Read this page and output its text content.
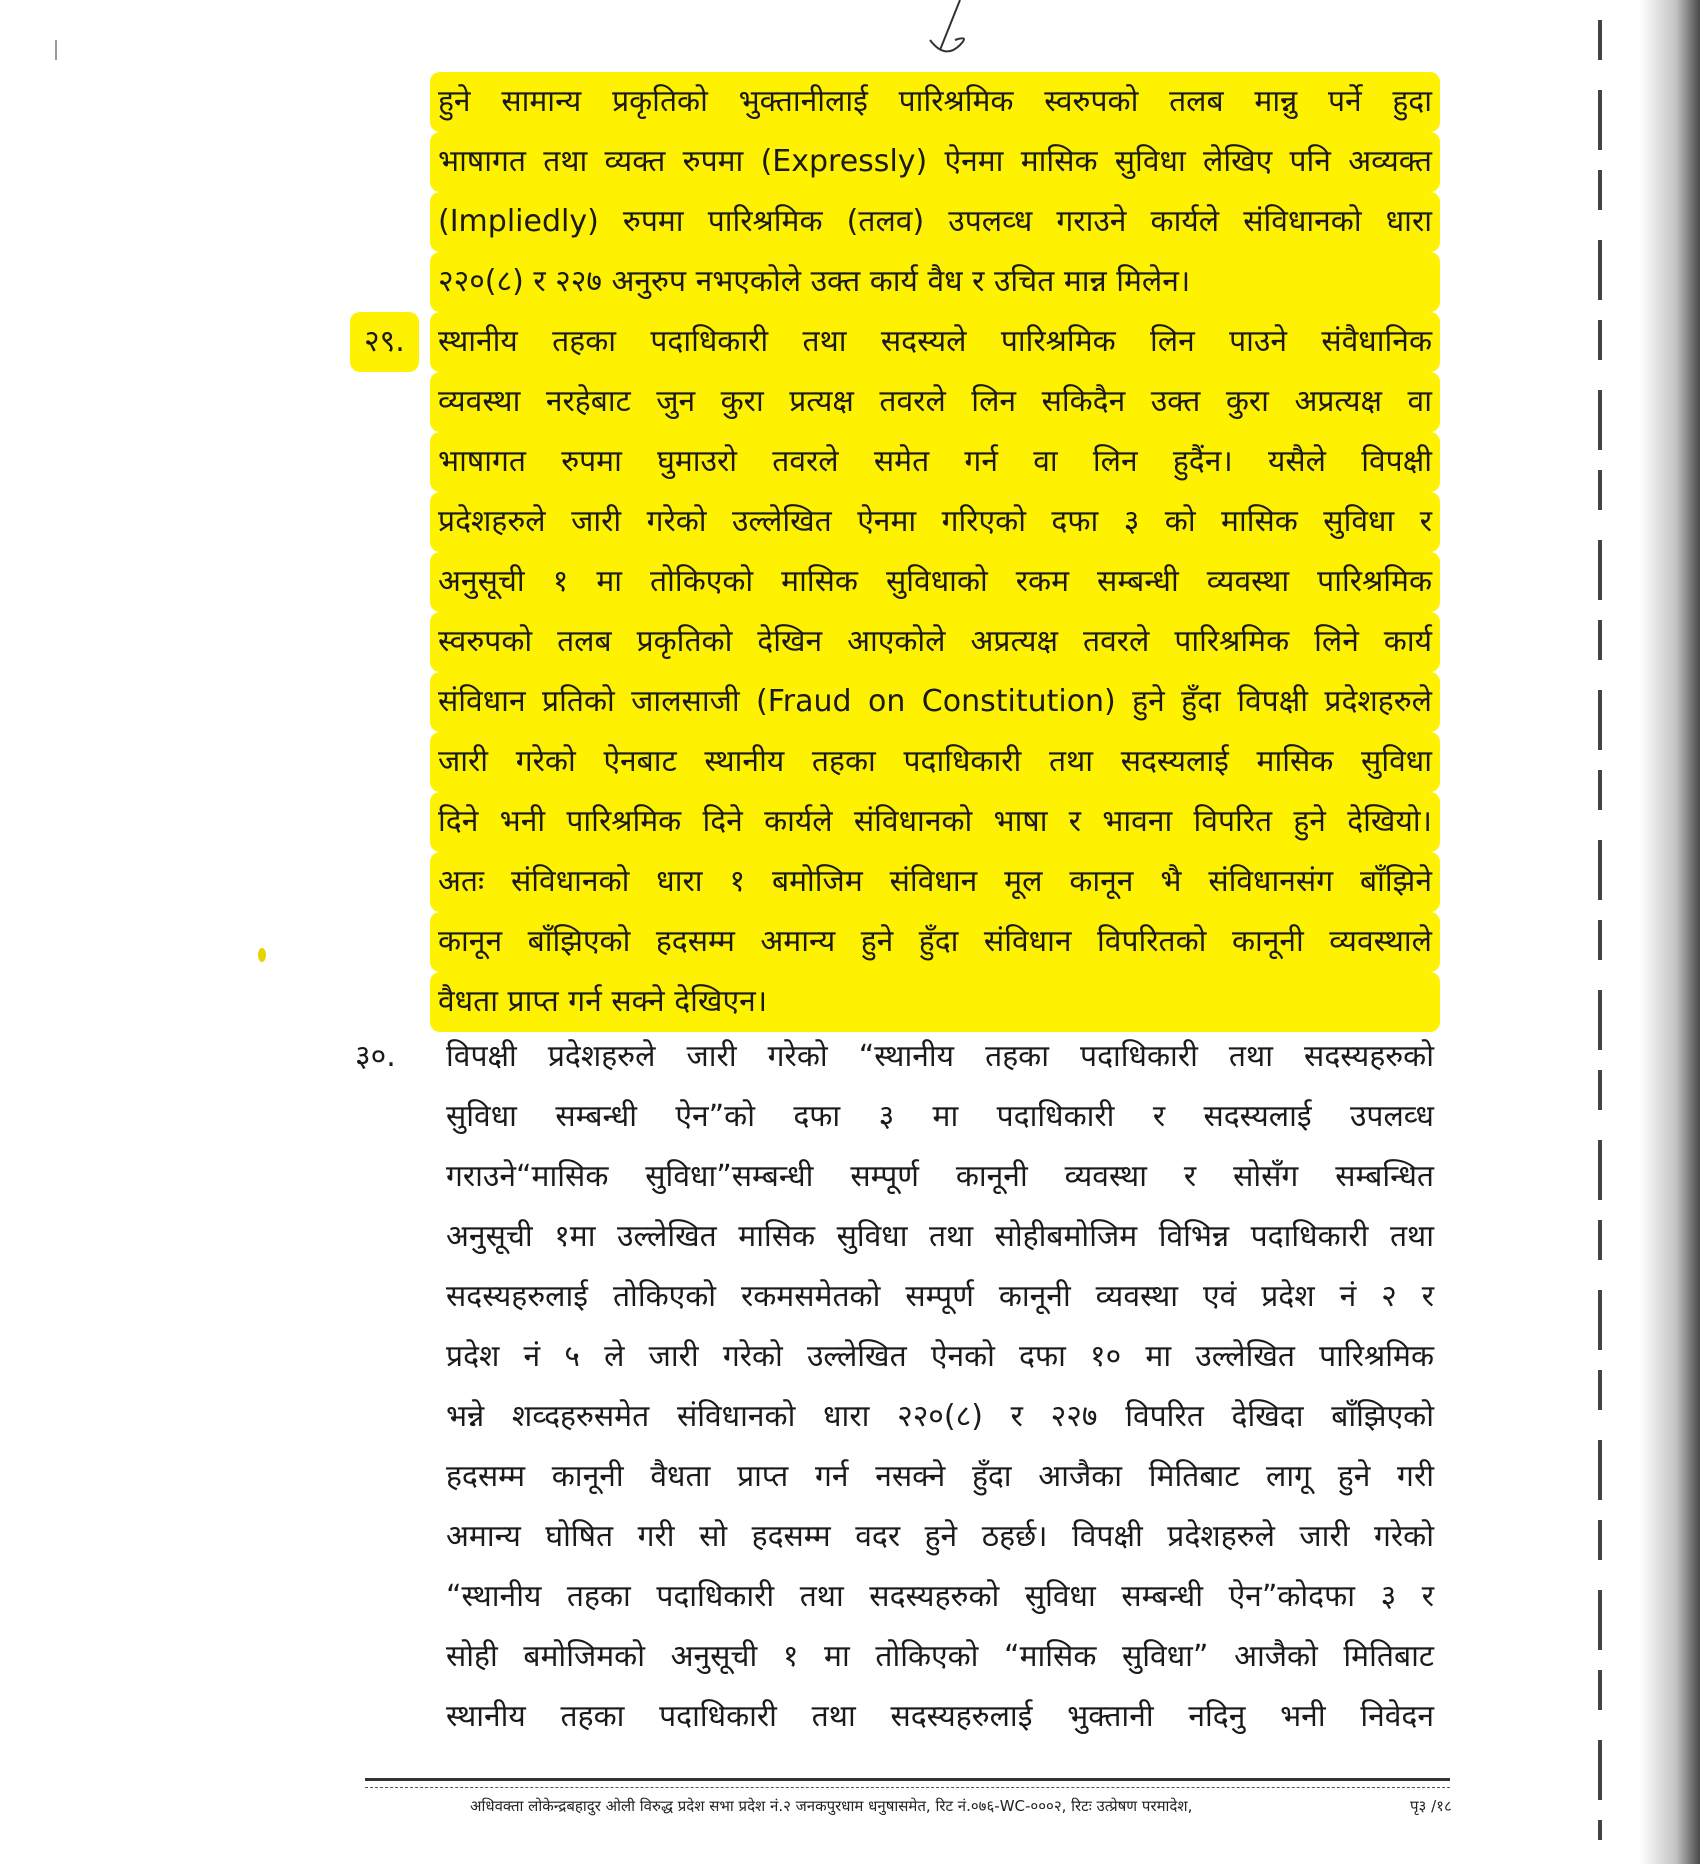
हुने सामान्य प्रकृतिको भुक्तानीलाई पारिश्रमिक स्वरुपको तलब मान्नु पर्ने हुदा
भाषागत तथा व्यक्त रुपमा (Expressly) ऐनमा मासिक सुविधा लेखिए पनि अव्यक्त
(Impliedly) रुपमा पारिश्रमिक (तलव) उपलव्ध गराउने कार्यले संविधानको धारा
२२०(८) र २२७ अनुरुप नभएकोले उक्त कार्य वैध र उचित मान्न मिलेन।
२९.	स्थानीय तहका पदाधिकारी तथा सदस्यले पारिश्रमिक लिन पाउने संवैधानिक
व्यवस्था नरहेबाट जुन कुरा प्रत्यक्ष तवरले लिन सकिदैन उक्त कुरा अप्रत्यक्ष वा
भाषागत रुपमा घुमाउरो तवरले समेत गर्न वा लिन हुदैंन। यसैले विपक्षी
प्रदेशहरुले जारी गरेको उल्लेखित ऐनमा गरिएको दफा ३ को मासिक सुविधा र
अनुसूची १ मा तोकिएको मासिक सुविधाको रकम सम्बन्धी व्यवस्था पारिश्रमिक
स्वरुपको तलब प्रकृतिको देखिन आएकोले अप्रत्यक्ष तवरले पारिश्रमिक लिने कार्य
संविधान प्रतिको जालसाजी (Fraud on Constitution) हुने हुँदा विपक्षी प्रदेशहरुले
जारी गरेको ऐनबाट स्थानीय तहका पदाधिकारी तथा सदस्यलाई मासिक सुविधा
दिने भनी पारिश्रमिक दिने कार्यले संविधानको भाषा र भावना विपरित हुने देखियो।
अतः संविधानको धारा १ बमोजिम संविधान मूल कानून भै संविधानसंग बाँझिने
कानून बाँझिएको हदसम्म अमान्य हुने हुँदा संविधान विपरितको कानूनी व्यवस्थाले
वैधता प्राप्त गर्न सक्ने देखिएन।
३०. विपक्षी प्रदेशहरुले जारी गरेको “स्थानीय तहका पदाधिकारी तथा सदस्यहरुको
सुविधा सम्बन्धी ऐन”को दफा ३ मा पदाधिकारी र सदस्यलाई उपलव्ध
गराउने“मासिक सुविधा”सम्बन्धी सम्पूर्ण कानूनी व्यवस्था र सोसँग सम्बन्धित
अनुसूची १मा उल्लेखित मासिक सुविधा तथा सोहीबमोजिम विभिन्न पदाधिकारी तथा
सदस्यहरुलाई तोकिएको रकमसमेतको सम्पूर्ण कानूनी व्यवस्था एवं प्रदेश नं २ र
प्रदेश नं ५ ले जारी गरेको उल्लेखित ऐनको दफा १० मा उल्लेखित पारिश्रमिक
भन्ने शव्दहरुसमेत संविधानको धारा २२०(८) र २२७ विपरित देखिदा बाँझिएको
हदसम्म कानूनी वैधता प्राप्त गर्न नसक्ने हुँदा आजैका मितिबाट लागू हुने गरी
अमान्य घोषित गरी सो हदसम्म वदर हुने ठहर्छ। विपक्षी प्रदेशहरुले जारी गरेको
“स्थानीय तहका पदाधिकारी तथा सदस्यहरुको सुविधा सम्बन्धी ऐन”कोदफा ३ र
सोही बमोजिमको अनुसूची १ मा तोकिएको “मासिक सुविधा” आजैको मितिबाट
स्थानीय तहका पदाधिकारी तथा सदस्यहरुलाई भुक्तानी नदिनु भनी निवेदन
अधिवक्ता लोकेन्द्रबहादुर ओली विरुद्ध प्रदेश सभा प्रदेश नं.२ जनकपुरधाम धनुषासमेत, रिट नं.०७६-WC-०००२, रिटः उत्प्रेषण परमादेश,	पृ३ /१८
